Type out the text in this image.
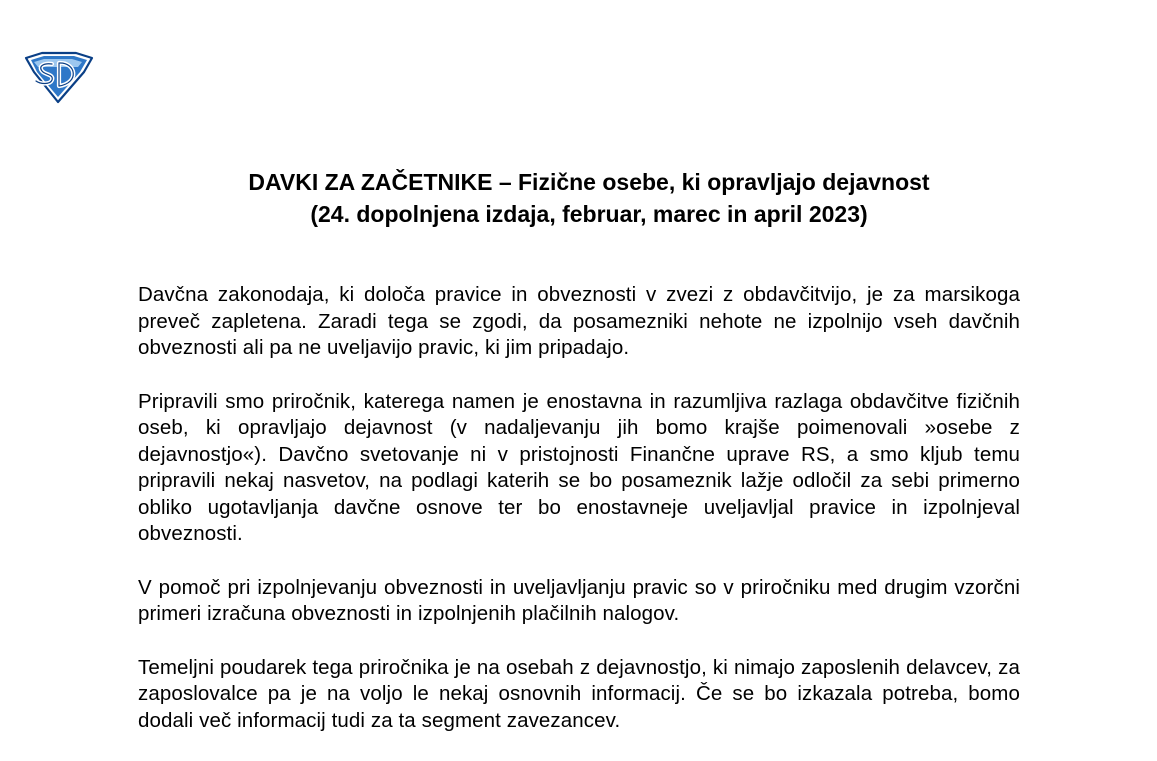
DAVKI ZA ZAČETNIKE – Fizične osebe, ki opravljajo dejavnost
(24. dopolnjena izdaja, februar, marec in april 2023)

Davčna zakonodaja, ki določa pravice in obveznosti v zvezi z obdavčitvijo, je za marsikoga preveč zapletena. Zaradi tega se zgodi, da posamezniki nehote ne izpolnijo vseh davčnih obveznosti ali pa ne uveljavijo pravic, ki jim pripadajo.

Pripravili smo priročnik, katerega namen je enostavna in razumljiva razlaga obdavčitve fizičnih oseb, ki opravljajo dejavnost (v nadaljevanju jih bomo krajše poimenovali »osebe z dejavnostjo«). Davčno svetovanje ni v pristojnosti Finančne uprave RS, a smo kljub temu pripravili nekaj nasvetov, na podlagi katerih se bo posameznik lažje odločil za sebi primerno obliko ugotavljanja davčne osnove ter bo enostavneje uveljavljal pravice in izpolnjeval obveznosti.

V pomoč pri izpolnjevanju obveznosti in uveljavljanju pravic so v priročniku med drugim vzorčni primeri izračuna obveznosti in izpolnjenih plačilnih nalogov.

Temeljni poudarek tega priročnika je na osebah z dejavnostjo, ki nimajo zaposlenih delavcev, za zaposlovalce pa je na voljo le nekaj osnovnih informacij. Če se bo izkazala potreba, bomo dodali več informacij tudi za ta segment zavezancev.
